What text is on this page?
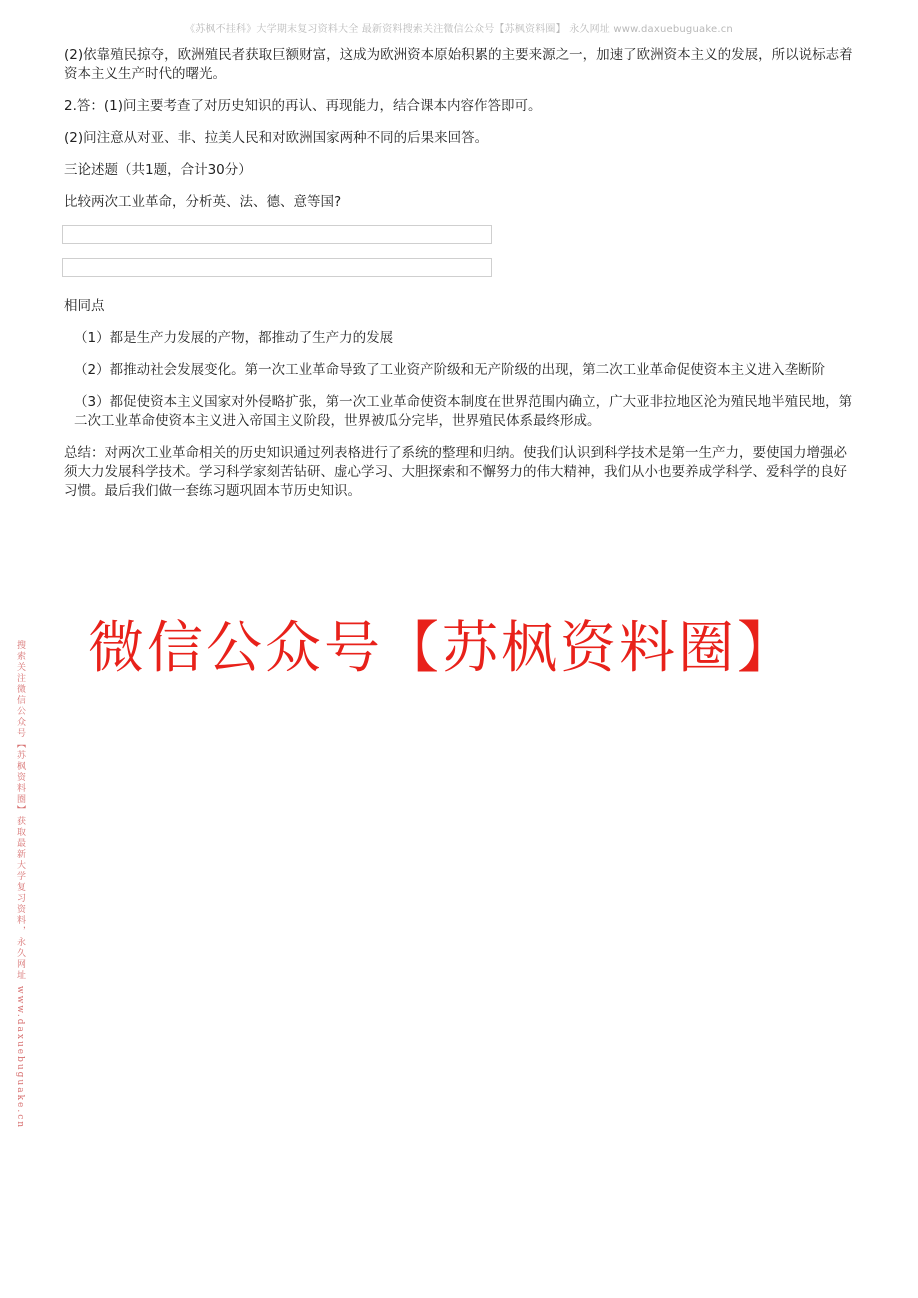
《苏枫不挂科》大学期末复习资料大全 最新资料搜索关注微信公众号【苏枫资料圈】 永久网址 www.daxuebuguake.cn

(2)依靠殖民掠夺，欧洲殖民者获取巨额财富，这成为欧洲资本原始积累的主要来源之一，加速了欧洲资本主义的发展，所以说标志着资本主义生产时代的曙光。

2.答：(1)问主要考查了对历史知识的再认、再现能力，结合课本内容作答即可。

(2)问注意从对亚、非、拉美人民和对欧洲国家两种不同的后果来回答。

三论述题（共1题，合计30分）

比较两次工业革命，分析英、法、德、意等国?

相同点

（1）都是生产力发展的产物，都推动了生产力的发展

（2）都推动社会发展变化。第一次工业革命导致了工业资产阶级和无产阶级的出现，第二次工业革命促使资本主义进入垄断阶

（3）都促使资本主义国家对外侵略扩张，第一次工业革命使资本制度在世界范围内确立，广大亚非拉地区沦为殖民地半殖民地，第二次工业革命使资本主义进入帝国主义阶段，世界被瓜分完毕，世界殖民体系最终形成。

总结：对两次工业革命相关的历史知识通过列表格进行了系统的整理和归纳。使我们认识到科学技术是第一生产力，要使国力增强必须大力发展科学技术。学习科学家刻苦钻研、虚心学习、大胆探索和不懈努力的伟大精神，我们从小也要养成学科学、爱科学的良好习惯。最后我们做一套练习题巩固本节历史知识。

微信公众号【苏枫资料圈】
搜索关注微信公众号【苏枫资料圈】获取最新大学复习资料，永久网址 www.daxuebuguake.cn
